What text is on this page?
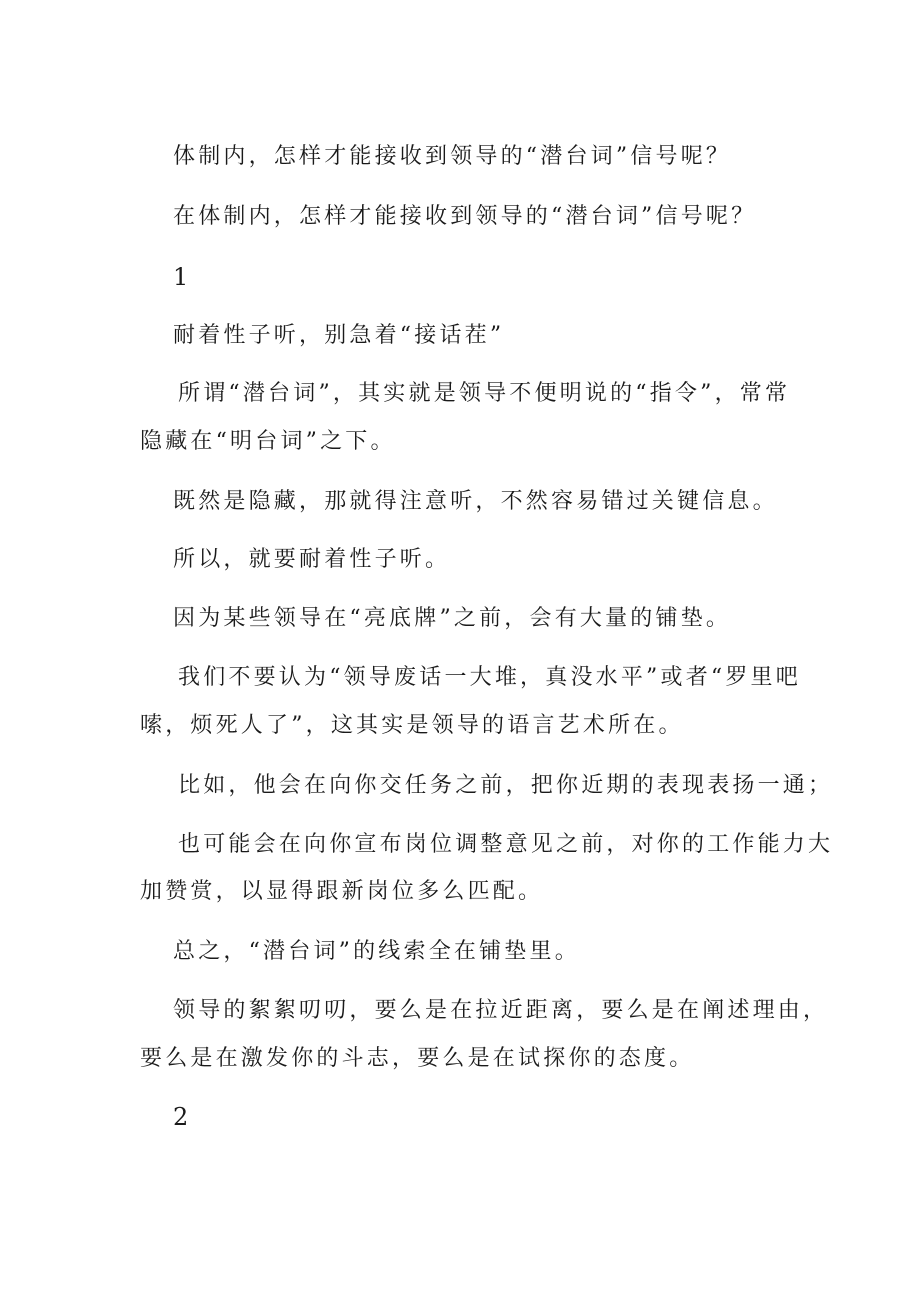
体制内，怎样才能接收到领导的“潜台词”信号呢？
在体制内，怎样才能接收到领导的“潜台词”信号呢？
1
耐着性子听，别急着“接话茬”
所谓“潜台词”，其实就是领导不便明说的“指令”，常常
隐藏在“明台词”之下。
既然是隐藏，那就得注意听，不然容易错过关键信息。
所以，就要耐着性子听。
因为某些领导在“亮底牌”之前，会有大量的铺垫。
我们不要认为“领导废话一大堆，真没水平”或者“罗里吧
嗦，烦死人了”，这其实是领导的语言艺术所在。
比如，他会在向你交任务之前，把你近期的表现表扬一通；
也可能会在向你宣布岗位调整意见之前，对你的工作能力大
加赞赏，以显得跟新岗位多么匹配。
总之，“潜台词”的线索全在铺垫里。
领导的絮絮叨叨，要么是在拉近距离，要么是在阐述理由，
要么是在激发你的斗志，要么是在试探你的态度。
2
